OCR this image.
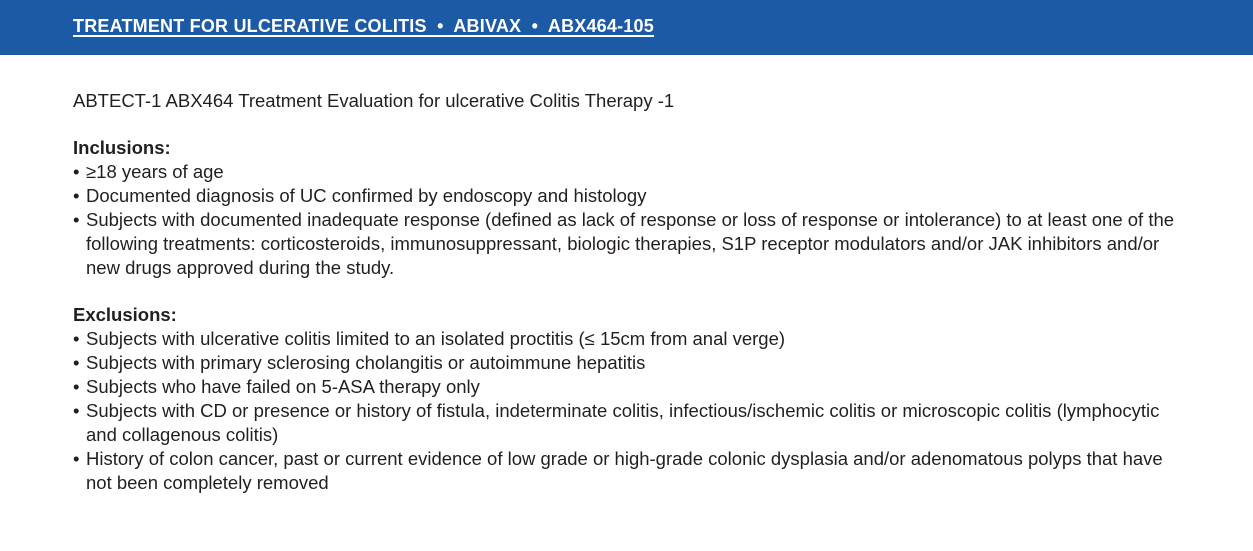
TREATMENT FOR ULCERATIVE COLITIS  •  ABIVAX  •  ABX464-105

ABTECT-1 ABX464 Treatment Evaluation for ulcerative Colitis Therapy -1

Inclusions:

• ≥18 years of age
• Documented diagnosis of UC confirmed by endoscopy and histology
• Subjects with documented inadequate response (defined as lack of response or loss of response or intolerance) to at least one of the following treatments: corticosteroids, immunosuppressant, biologic therapies, S1P receptor modulators and/or JAK inhibitors and/or new drugs approved during the study.

Exclusions:

• Subjects with ulcerative colitis limited to an isolated proctitis (≤ 15cm from anal verge)
• Subjects with primary sclerosing cholangitis or autoimmune hepatitis
• Subjects who have failed on 5-ASA therapy only
• Subjects with CD or presence or history of fistula, indeterminate colitis, infectious/ischemic colitis or microscopic colitis (lymphocytic and collagenous colitis)
• History of colon cancer, past or current evidence of low grade or high-grade colonic dysplasia and/or adenomatous polyps that have not been completely removed
